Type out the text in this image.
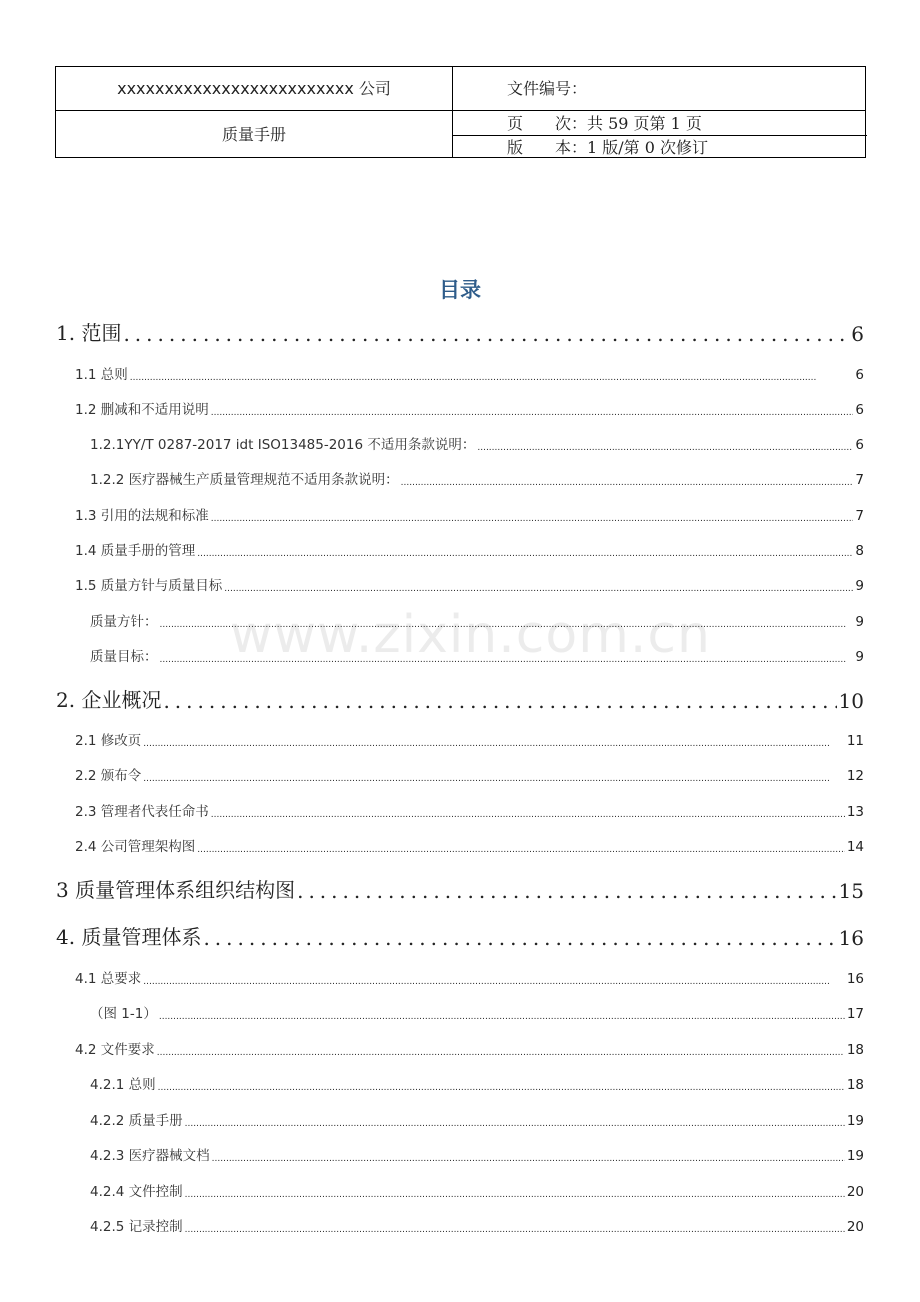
xxxxxxxxxxxxxxxxxxxxxxxxx 公司
质量手册
文件编号：
页　　次：共 59 页第 1 页
版　　本：1 版/第 0 次修订
目录
www.zixin.com.cn
1. 范围 .....	6
1.1 总则 .....	6
1.2 删减和不适用说明 .....	6
1.2.1YY/T 0287-2017 idt ISO13485-2016 不适用条款说明： .....	6
1.2.2 医疗器械生产质量管理规范不适用条款说明： .....	7
1.3 引用的法规和标准 .....	7
1.4 质量手册的管理 .....	8
1.5 质量方针与质量目标 .....	9
质量方针： .....	9
质量目标： .....	9
2. 企业概况 .....	10
2.1 修改页 .....	11
2.2 颁布令 .....	12
2.3 管理者代表任命书 .....	13
2.4 公司管理架构图 .....	14
3 质量管理体系组织结构图 .....	15
4. 质量管理体系 .....	16
4.1 总要求 .....	16
（图 1-1） .....	17
4.2 文件要求 .....	18
4.2.1 总则 .....	18
4.2.2 质量手册 .....	19
4.2.3 医疗器械文档 .....	19
4.2.4 文件控制 .....	20
4.2.5 记录控制 .....	20
